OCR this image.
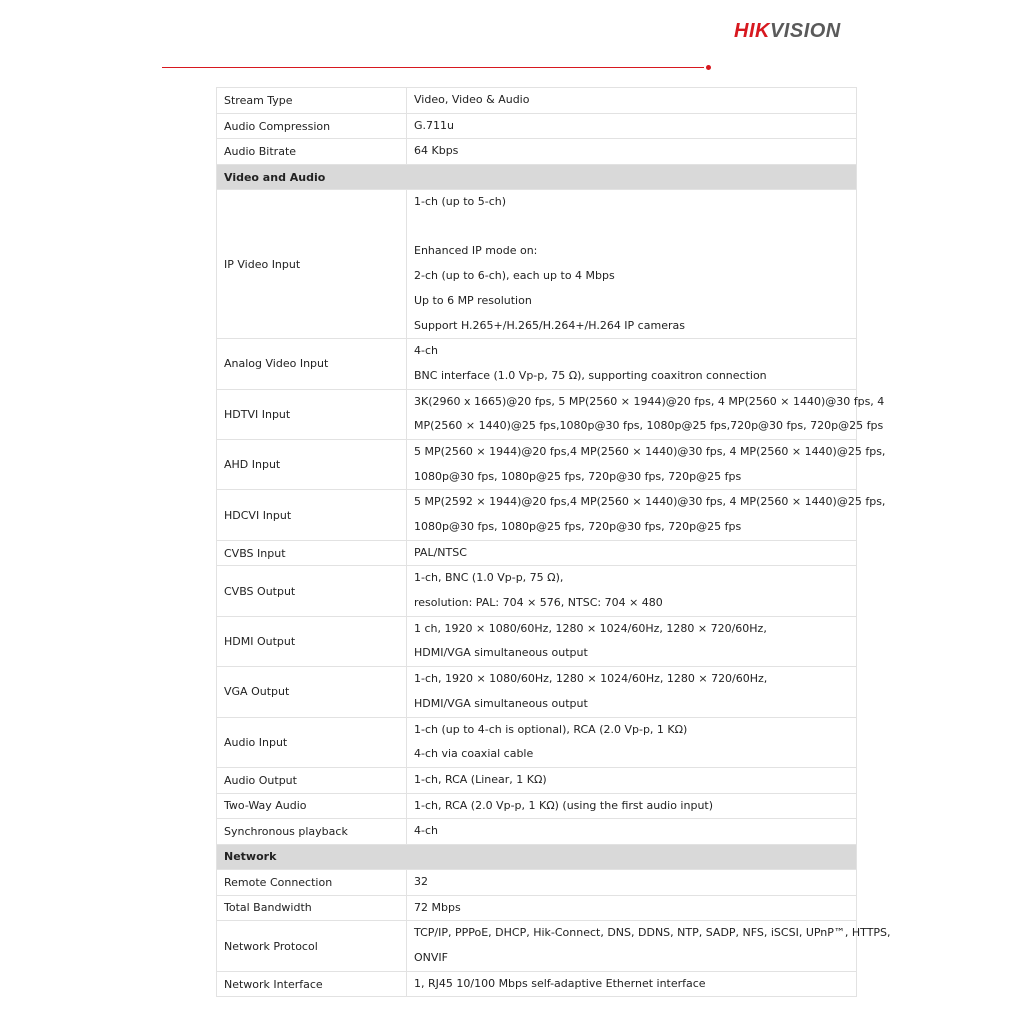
HIKVISION
Stream Type	Video, Video & Audio

Audio Compression	G.711u

Audio Bitrate	64 Kbps

Video and Audio	
IP Video Input	1-ch (up to 5-ch)
Enhanced IP mode on:
2-ch (up to 6-ch), each up to 4 Mbps
Up to 6 MP resolution
Support H.265+/H.265/H.264+/H.264 IP cameras

Analog Video Input	4-ch
BNC interface (1.0 Vp-p, 75 Ω), supporting coaxitron connection

HDTVI Input	3K(2960 x 1665)@20 fps, 5 MP(2560 × 1944)@20 fps, 4 MP(2560 × 1440)@30 fps, 4
MP(2560 × 1440)@25 fps,1080p@30 fps, 1080p@25 fps,720p@30 fps, 720p@25 fps

AHD Input	5 MP(2560 × 1944)@20 fps,4 MP(2560 × 1440)@30 fps, 4 MP(2560 × 1440)@25 fps,
1080p@30 fps, 1080p@25 fps, 720p@30 fps, 720p@25 fps

HDCVI Input	5 MP(2592 × 1944)@20 fps,4 MP(2560 × 1440)@30 fps, 4 MP(2560 × 1440)@25 fps,
1080p@30 fps, 1080p@25 fps, 720p@30 fps, 720p@25 fps

CVBS Input	PAL/NTSC

CVBS Output	1-ch, BNC (1.0 Vp-p, 75 Ω),
resolution: PAL: 704 × 576, NTSC: 704 × 480

HDMI Output	1 ch, 1920 × 1080/60Hz, 1280 × 1024/60Hz, 1280 × 720/60Hz,
HDMI/VGA simultaneous output

VGA Output	1-ch, 1920 × 1080/60Hz, 1280 × 1024/60Hz, 1280 × 720/60Hz,
HDMI/VGA simultaneous output

Audio Input	1-ch (up to 4-ch is optional), RCA (2.0 Vp-p, 1 KΩ)
4-ch via coaxial cable

Audio Output	1-ch, RCA (Linear, 1 KΩ)

Two-Way Audio	1-ch, RCA (2.0 Vp-p, 1 KΩ) (using the first audio input)

Synchronous playback	4-ch

Network	
Remote Connection	32

Total Bandwidth	72 Mbps

Network Protocol	TCP/IP, PPPoE, DHCP, Hik-Connect, DNS, DDNS, NTP, SADP, NFS, iSCSI, UPnP™, HTTPS,
ONVIF

Network Interface	1, RJ45 10/100 Mbps self-adaptive Ethernet interface
